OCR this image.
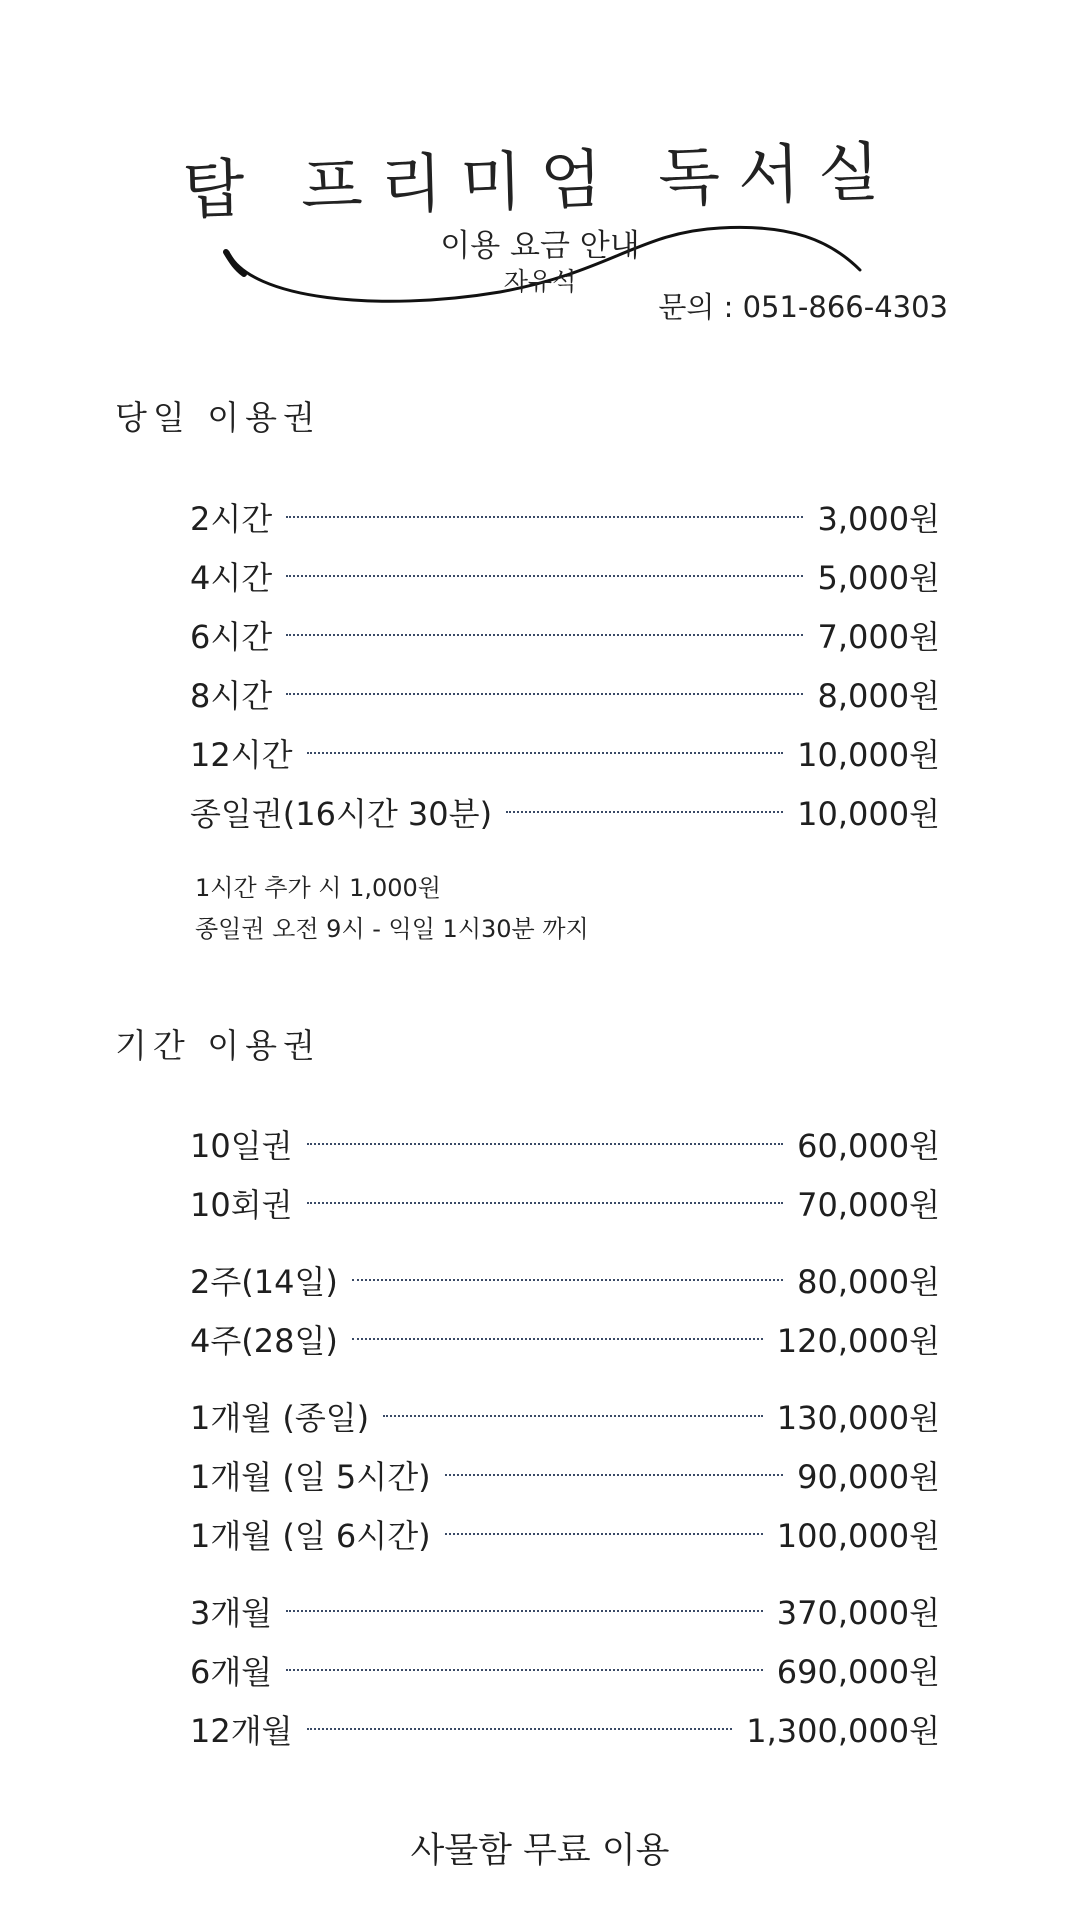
탑 프리미엄 독서실
이용 요금 안내
자유석
문의 : 051-866-4303
당일 이용권
2시간	3,000원
4시간	5,000원
6시간	7,000원
8시간	8,000원
12시간	10,000원
종일권(16시간 30분)	10,000원
1시간 추가 시 1,000원
종일권 오전 9시 - 익일 1시30분 까지
기간 이용권
10일권	60,000원
10회권	70,000원
2주(14일)	80,000원
4주(28일)	120,000원
1개월 (종일)	130,000원
1개월 (일 5시간)	90,000원
1개월 (일 6시간)	100,000원
3개월	370,000원
6개월	690,000원
12개월	1,300,000원
사물함 무료 이용
